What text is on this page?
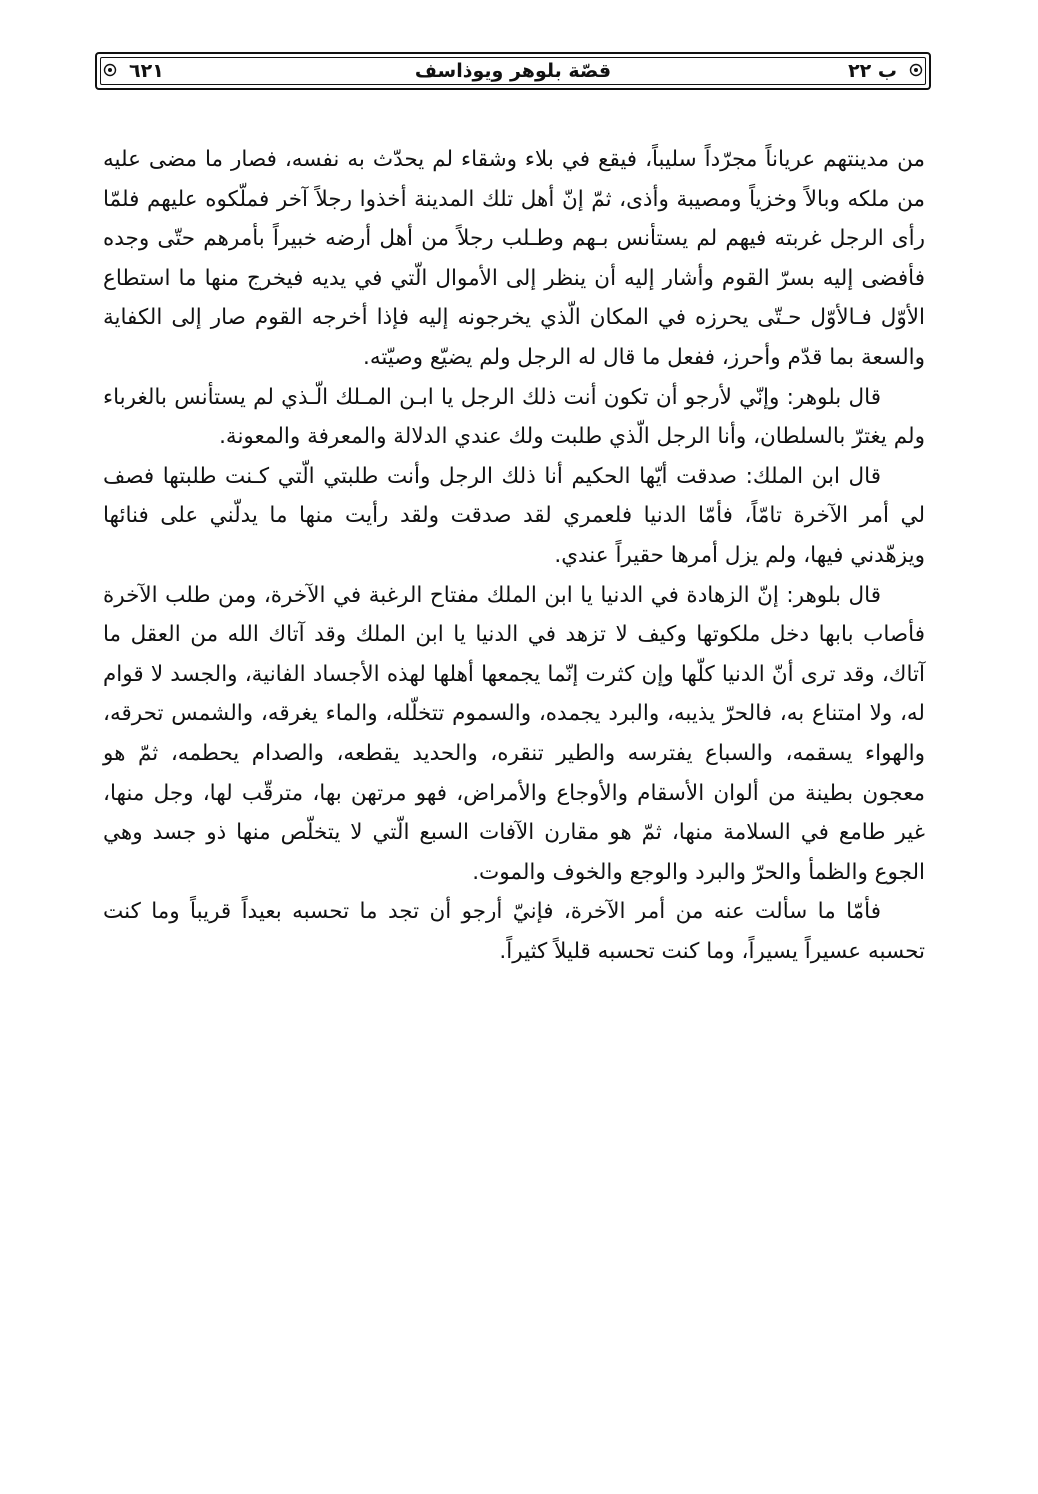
ب ٢٢
قصّة بلوهر ويوذاسف
٦٢١

من مدينتهم عرياناً مجرّداً سليباً، فيقع في بلاء وشقاء لم يحدّث به نفسه، فصار ما مضى عليه من ملكه وبالاً وخزياً ومصيبة وأذى، ثمّ إنّ أهل تلك المدينة أخذوا رجلاً آخر فملّكوه عليهم فلمّا رأى الرجل غربته فيهم لم يستأنس بـهم وطـلب رجلاً من أهل أرضه خبيراً بأمرهم حتّى وجده فأفضى إليه بسرّ القوم وأشار إليه أن ينظر إلى الأموال الّتي في يديه فيخرج منها ما استطاع الأوّل فـالأوّل حـتّى يحرزه في المكان الّذي يخرجونه إليه فإذا أخرجه القوم صار إلى الكفاية والسعة بما قدّم وأحرز، ففعل ما قال له الرجل ولم يضيّع وصيّته.

قال بلوهر: وإنّي لأرجو أن تكون أنت ذلك الرجل يا ابـن المـلك الّـذي لم يستأنس بالغرباء ولم يغترّ بالسلطان، وأنا الرجل الّذي طلبت ولك عندي الدلالة والمعرفة والمعونة.

قال ابن الملك: صدقت أيّها الحكيم أنا ذلك الرجل وأنت طلبتي الّتي كـنت طلبتها فصف لي أمر الآخرة تامّاً، فأمّا الدنيا فلعمري لقد صدقت ولقد رأيت منها ما يدلّني على فنائها ويزهّدني فيها، ولم يزل أمرها حقيراً عندي.

قال بلوهر: إنّ الزهادة في الدنيا يا ابن الملك مفتاح الرغبة في الآخرة، ومن طلب الآخرة فأصاب بابها دخل ملكوتها وكيف لا تزهد في الدنيا يا ابن الملك وقد آتاك الله من العقل ما آتاك، وقد ترى أنّ الدنيا كلّها وإن كثرت إنّما يجمعها أهلها لهذه الأجساد الفانية، والجسد لا قوام له، ولا امتناع به، فالحرّ يذيبه، والبرد يجمده، والسموم تتخلّله، والماء يغرقه، والشمس تحرقه، والهواء يسقمه، والسباع يفترسه والطير تنقره، والحديد يقطعه، والصدام يحطمه، ثمّ هو معجون بطينة من ألوان الأسقام والأوجاع والأمراض، فهو مرتهن بها، مترقّب لها، وجل منها، غير طامع في السلامة منها، ثمّ هو مقارن الآفات السبع الّتي لا يتخلّص منها ذو جسد وهي الجوع والظمأ والحرّ والبرد والوجع والخوف والموت.

فأمّا ما سألت عنه من أمر الآخرة، فإنيّ أرجو أن تجد ما تحسبه بعيداً قريباً وما كنت تحسبه عسيراً يسيراً، وما كنت تحسبه قليلاً كثيراً.
